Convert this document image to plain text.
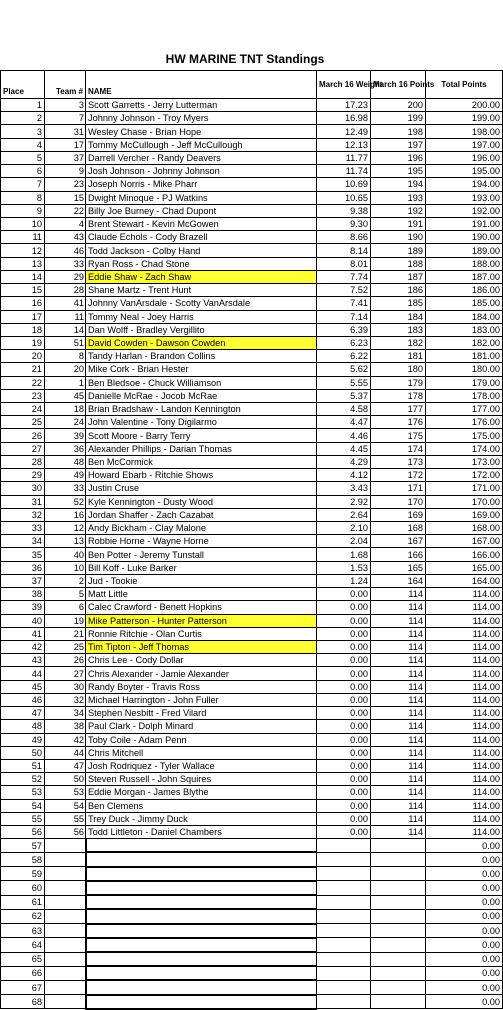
HW MARINE TNT Standings
Place	Team #	NAME	March 16 Weight	March 16 Points	Total Points
1	3	Scott Garretts - Jerry Lutterman	17.23	200	200.00
2	7	Johnny Johnson - Troy Myers	16.98	199	199.00
3	31	Wesley Chase - Brian Hope	12.49	198	198.00
4	17	Tommy McCullough - Jeff McCullough	12.13	197	197.00
5	37	Darrell Vercher - Randy Deavers	11.77	196	196.00
6	9	Josh Johnson - Johnny Johnson	11.74	195	195.00
7	23	Joseph Norris - Mike Pharr	10.69	194	194.00
8	15	Dwight Minoque - PJ Watkins	10.65	193	193.00
9	22	Billy Joe Burney - Chad Dupont	9.38	192	192.00
10	4	Brent Stewart - Kevin McGowen	9.30	191	191.00
11	43	Claude Echols - Cody Brazell	8.66	190	190.00
12	46	Todd Jackson - Colby Hand	8.14	189	189.00
13	33	Ryan Ross - Chad Stone	8.01	188	188.00
14	29	Eddie Shaw - Zach Shaw	7.74	187	187.00
15	28	Shane Martz - Trent Hunt	7.52	186	186.00
16	41	Johnny VanArsdale - Scotty VanArsdale	7.41	185	185.00
17	11	Tommy Neal - Joey Harris	7.14	184	184.00
18	14	Dan Wolff - Bradley Vergillito	6.39	183	183.00
19	51	David Cowden - Dawson Cowden	6.23	182	182.00
20	8	Tandy Harlan - Brandon Collins	6.22	181	181.00
21	20	Mike Cork - Brian Hester	5.62	180	180.00
22	1	Ben Bledsoe - Chuck Williamson	5.55	179	179.00
23	45	Danielle McRae - Jocob McRae	5.37	178	178.00
24	18	Brian Bradshaw - Landon Kennington	4.58	177	177.00
25	24	John Valentine - Tony Digilarmo	4.47	176	176.00
26	39	Scott Moore - Barry Terry	4.46	175	175.00
27	36	Alexander Phillips - Darian Thomas	4.45	174	174.00
28	48	Ben McCormick	4.29	173	173.00
29	49	Howard Ebarb - Ritchie Shows	4.12	172	172.00
30	33	Justin Cruse	3.43	171	171.00
31	52	Kyle Kennington - Dusty Wood	2.92	170	170.00
32	16	Jordan Shaffer - Zach Cazabat	2.64	169	169.00
33	12	Andy Bickham - Clay Malone	2.10	168	168.00
34	13	Robbie Horne - Wayne Horne	2.04	167	167.00
35	40	Ben Potter - Jeremy Tunstall	1.68	166	166.00
36	10	Bill Koff - Luke Barker	1.53	165	165.00
37	2	Jud - Tookie	1.24	164	164.00
38	5	Matt Little	0.00	114	114.00
39	6	Calec Crawford - Benett Hopkins	0.00	114	114.00
40	19	Mike Patterson - Hunter Patterson	0.00	114	114.00
41	21	Ronnie Ritchie - Olan Curtis	0.00	114	114.00
42	25	Tim Tipton - Jeff Thomas	0.00	114	114.00
43	26	Chris Lee - Cody Dollar	0.00	114	114.00
44	27	Chris Alexander - Jamie Alexander	0.00	114	114.00
45	30	Randy Boyter - Travis Ross	0.00	114	114.00
46	32	Michael Harrington - John Fuller	0.00	114	114.00
47	34	Stephen Nesbitt - Fred Vilard	0.00	114	114.00
48	38	Paul Clark - Dolph Minard	0.00	114	114.00
49	42	Toby Coile - Adam Penn	0.00	114	114.00
50	44	Chris Mitchell	0.00	114	114.00
51	47	Josh Rodriquez - Tyler Wallace	0.00	114	114.00
52	50	Steven Russell - John Squires	0.00	114	114.00
53	53	Eddie Morgan - James Blythe	0.00	114	114.00
54	54	Ben Clemens	0.00	114	114.00
55	55	Trey Duck - Jimmy Duck	0.00	114	114.00
56	56	Todd Littleton - Daniel Chambers	0.00	114	114.00
57					0.00
58					0.00
59					0.00
60					0.00
61					0.00
62					0.00
63					0.00
64					0.00
65					0.00
66					0.00
67					0.00
68					0.00
